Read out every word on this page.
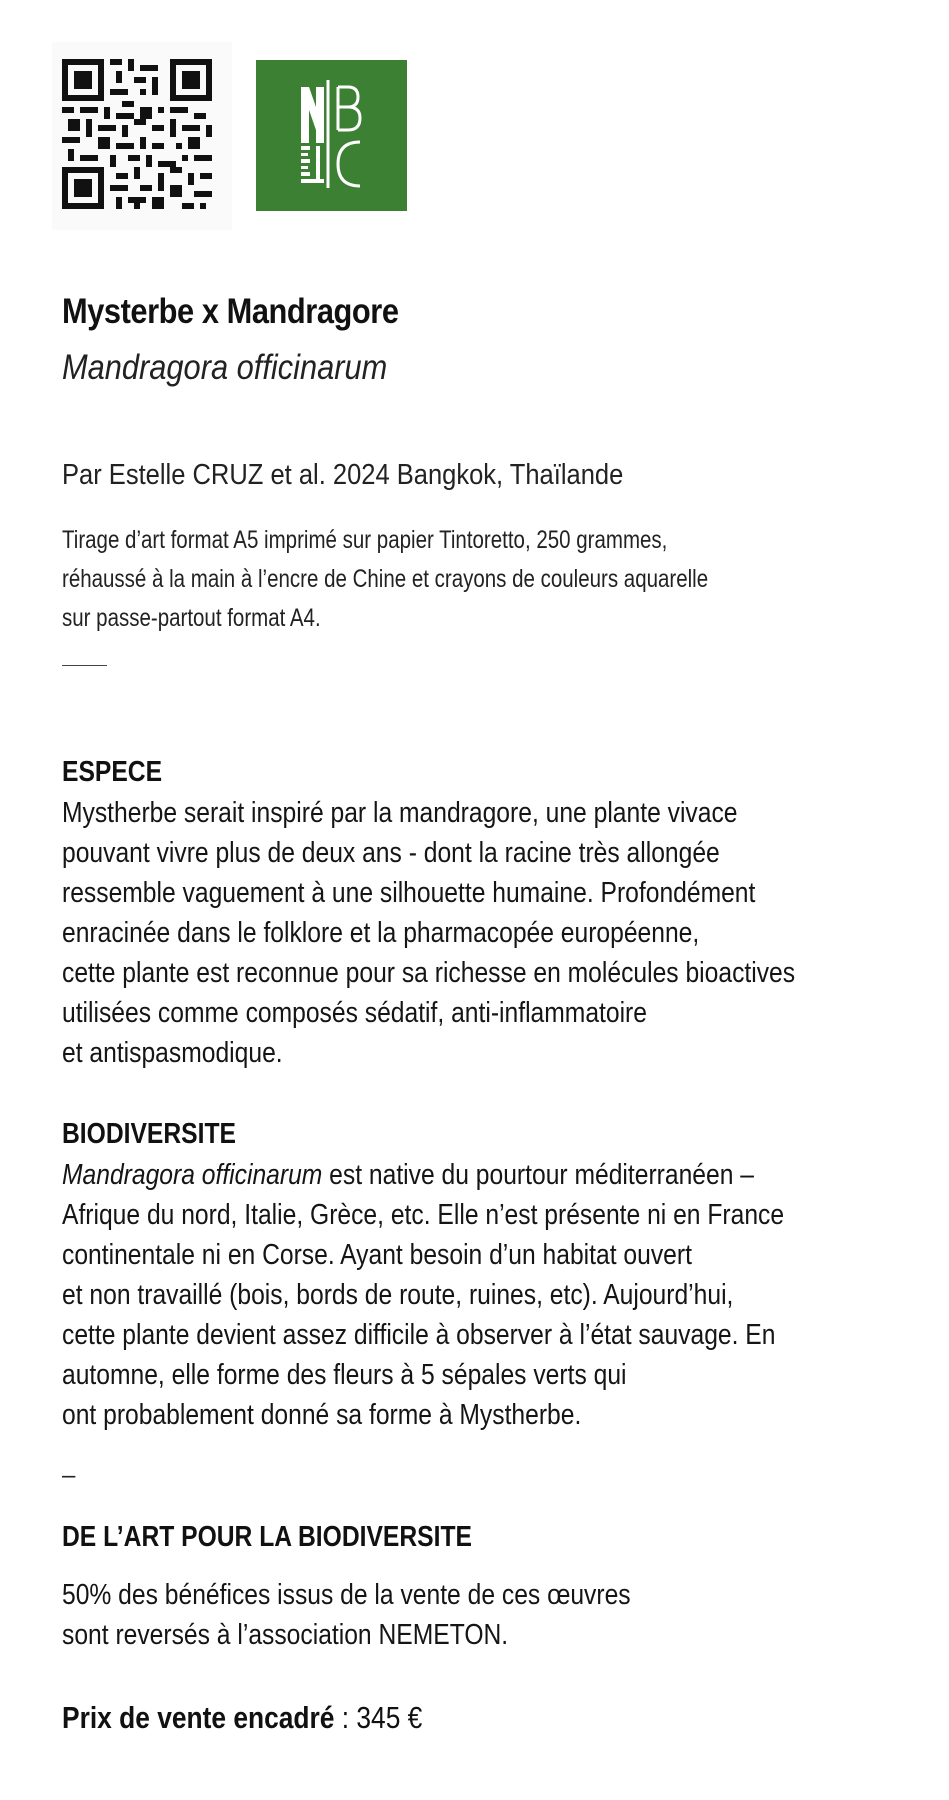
Mysterbe x Mandragore
Mandragora officinarum
Par Estelle CRUZ et al. 2024 Bangkok, Thaïlande
Tirage d’art format A5 imprimé sur papier Tintoretto, 250 grammes,
réhaussé à la main à l’encre de Chine et crayons de couleurs aquarelle
sur passe-partout format A4.
ESPECE
Mystherbe serait inspiré par la mandragore, une plante vivace
pouvant vivre plus de deux ans - dont la racine très allongée
ressemble vaguement à une silhouette humaine. Profondément
enracinée dans le folklore et la pharmacopée européenne,
cette plante est reconnue pour sa richesse en molécules bioactives
utilisées comme composés sédatif, anti-inflammatoire
et antispasmodique.
BIODIVERSITE
Mandragora officinarum est native du pourtour méditerranéen –
Afrique du nord, Italie, Grèce, etc. Elle n’est présente ni en France
continentale ni en Corse. Ayant besoin d’un habitat ouvert
et non travaillé (bois, bords de route, ruines, etc). Aujourd’hui,
cette plante devient assez difficile à observer à l’état sauvage. En
automne, elle forme des fleurs à 5 sépales verts qui
ont probablement donné sa forme à Mystherbe.
–
DE L’ART POUR LA BIODIVERSITE
50% des bénéfices issus de la vente de ces œuvres
sont reversés à l’association NEMETON.
Prix de vente encadré : 345 €
